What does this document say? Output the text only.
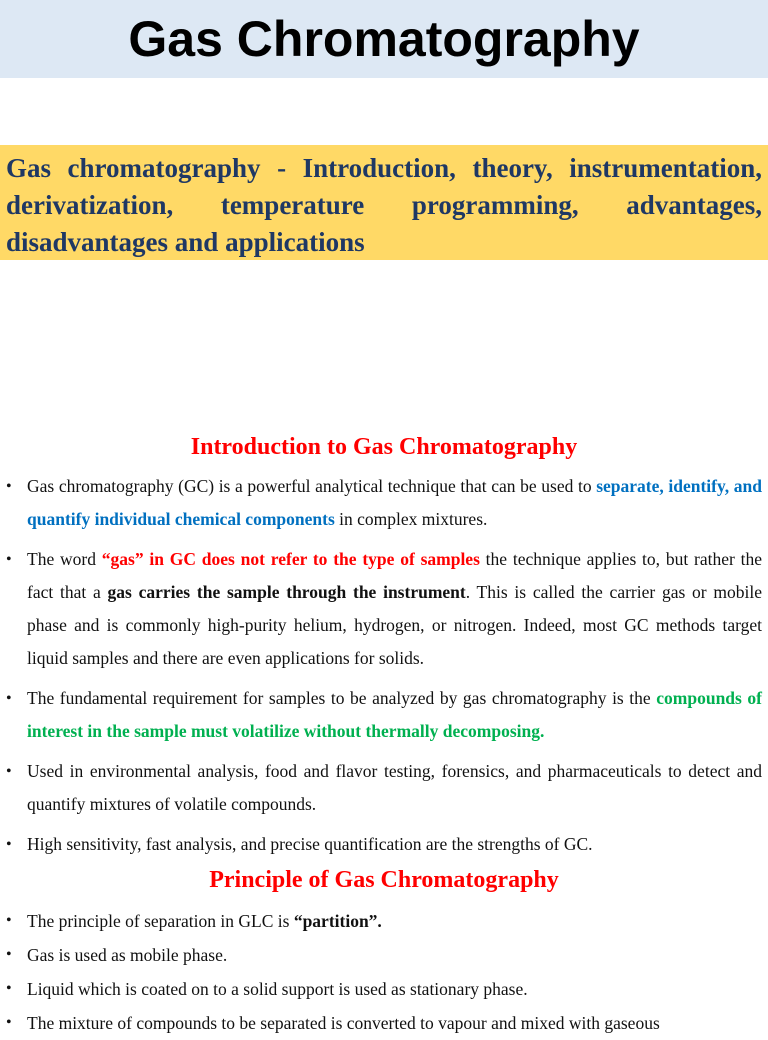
Gas Chromatography

Gas chromatography - Introduction, theory, instrumentation, derivatization, temperature programming, advantages, disadvantages and applications

Introduction to Gas Chromatography
• Gas chromatography (GC) is a powerful analytical technique that can be used to separate, identify, and quantify individual chemical components in complex mixtures.
• The word “gas” in GC does not refer to the type of samples the technique applies to, but rather the fact that a gas carries the sample through the instrument. This is called the carrier gas or mobile phase and is commonly high-purity helium, hydrogen, or nitrogen. Indeed, most GC methods target liquid samples and there are even applications for solids.
• The fundamental requirement for samples to be analyzed by gas chromatography is the compounds of interest in the sample must volatilize without thermally decomposing.
• Used in environmental analysis, food and flavor testing, forensics, and pharmaceuticals to detect and quantify mixtures of volatile compounds.
• High sensitivity, fast analysis, and precise quantification are the strengths of GC.
Principle of Gas Chromatography
• The principle of separation in GLC is “partition”.
• Gas is used as mobile phase.
• Liquid which is coated on to a solid support is used as stationary phase.
• The mixture of compounds to be separated is converted to vapour and mixed with gaseous
